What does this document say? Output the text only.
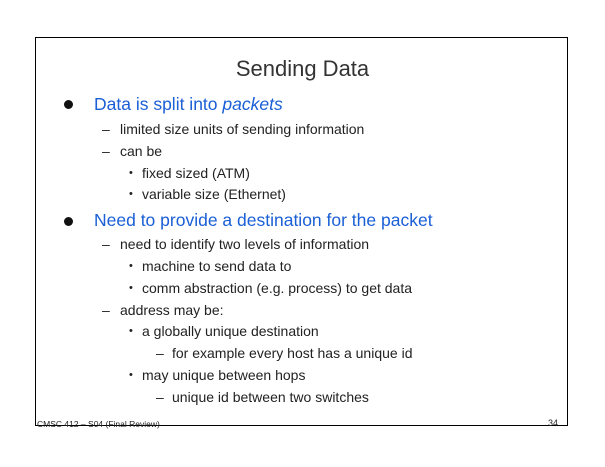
Sending Data
Data is split into packets
– limited size units of sending information
– can be
• fixed sized (ATM)
• variable size (Ethernet)
Need to provide a destination for the packet
– need to identify two levels of information
• machine to send data to
• comm abstraction (e.g. process) to get data
– address may be:
• a globally unique destination
– for example every host has a unique id
• may unique between hops
– unique id between two switches
CMSC 412 – S04 (Final Review)	34
